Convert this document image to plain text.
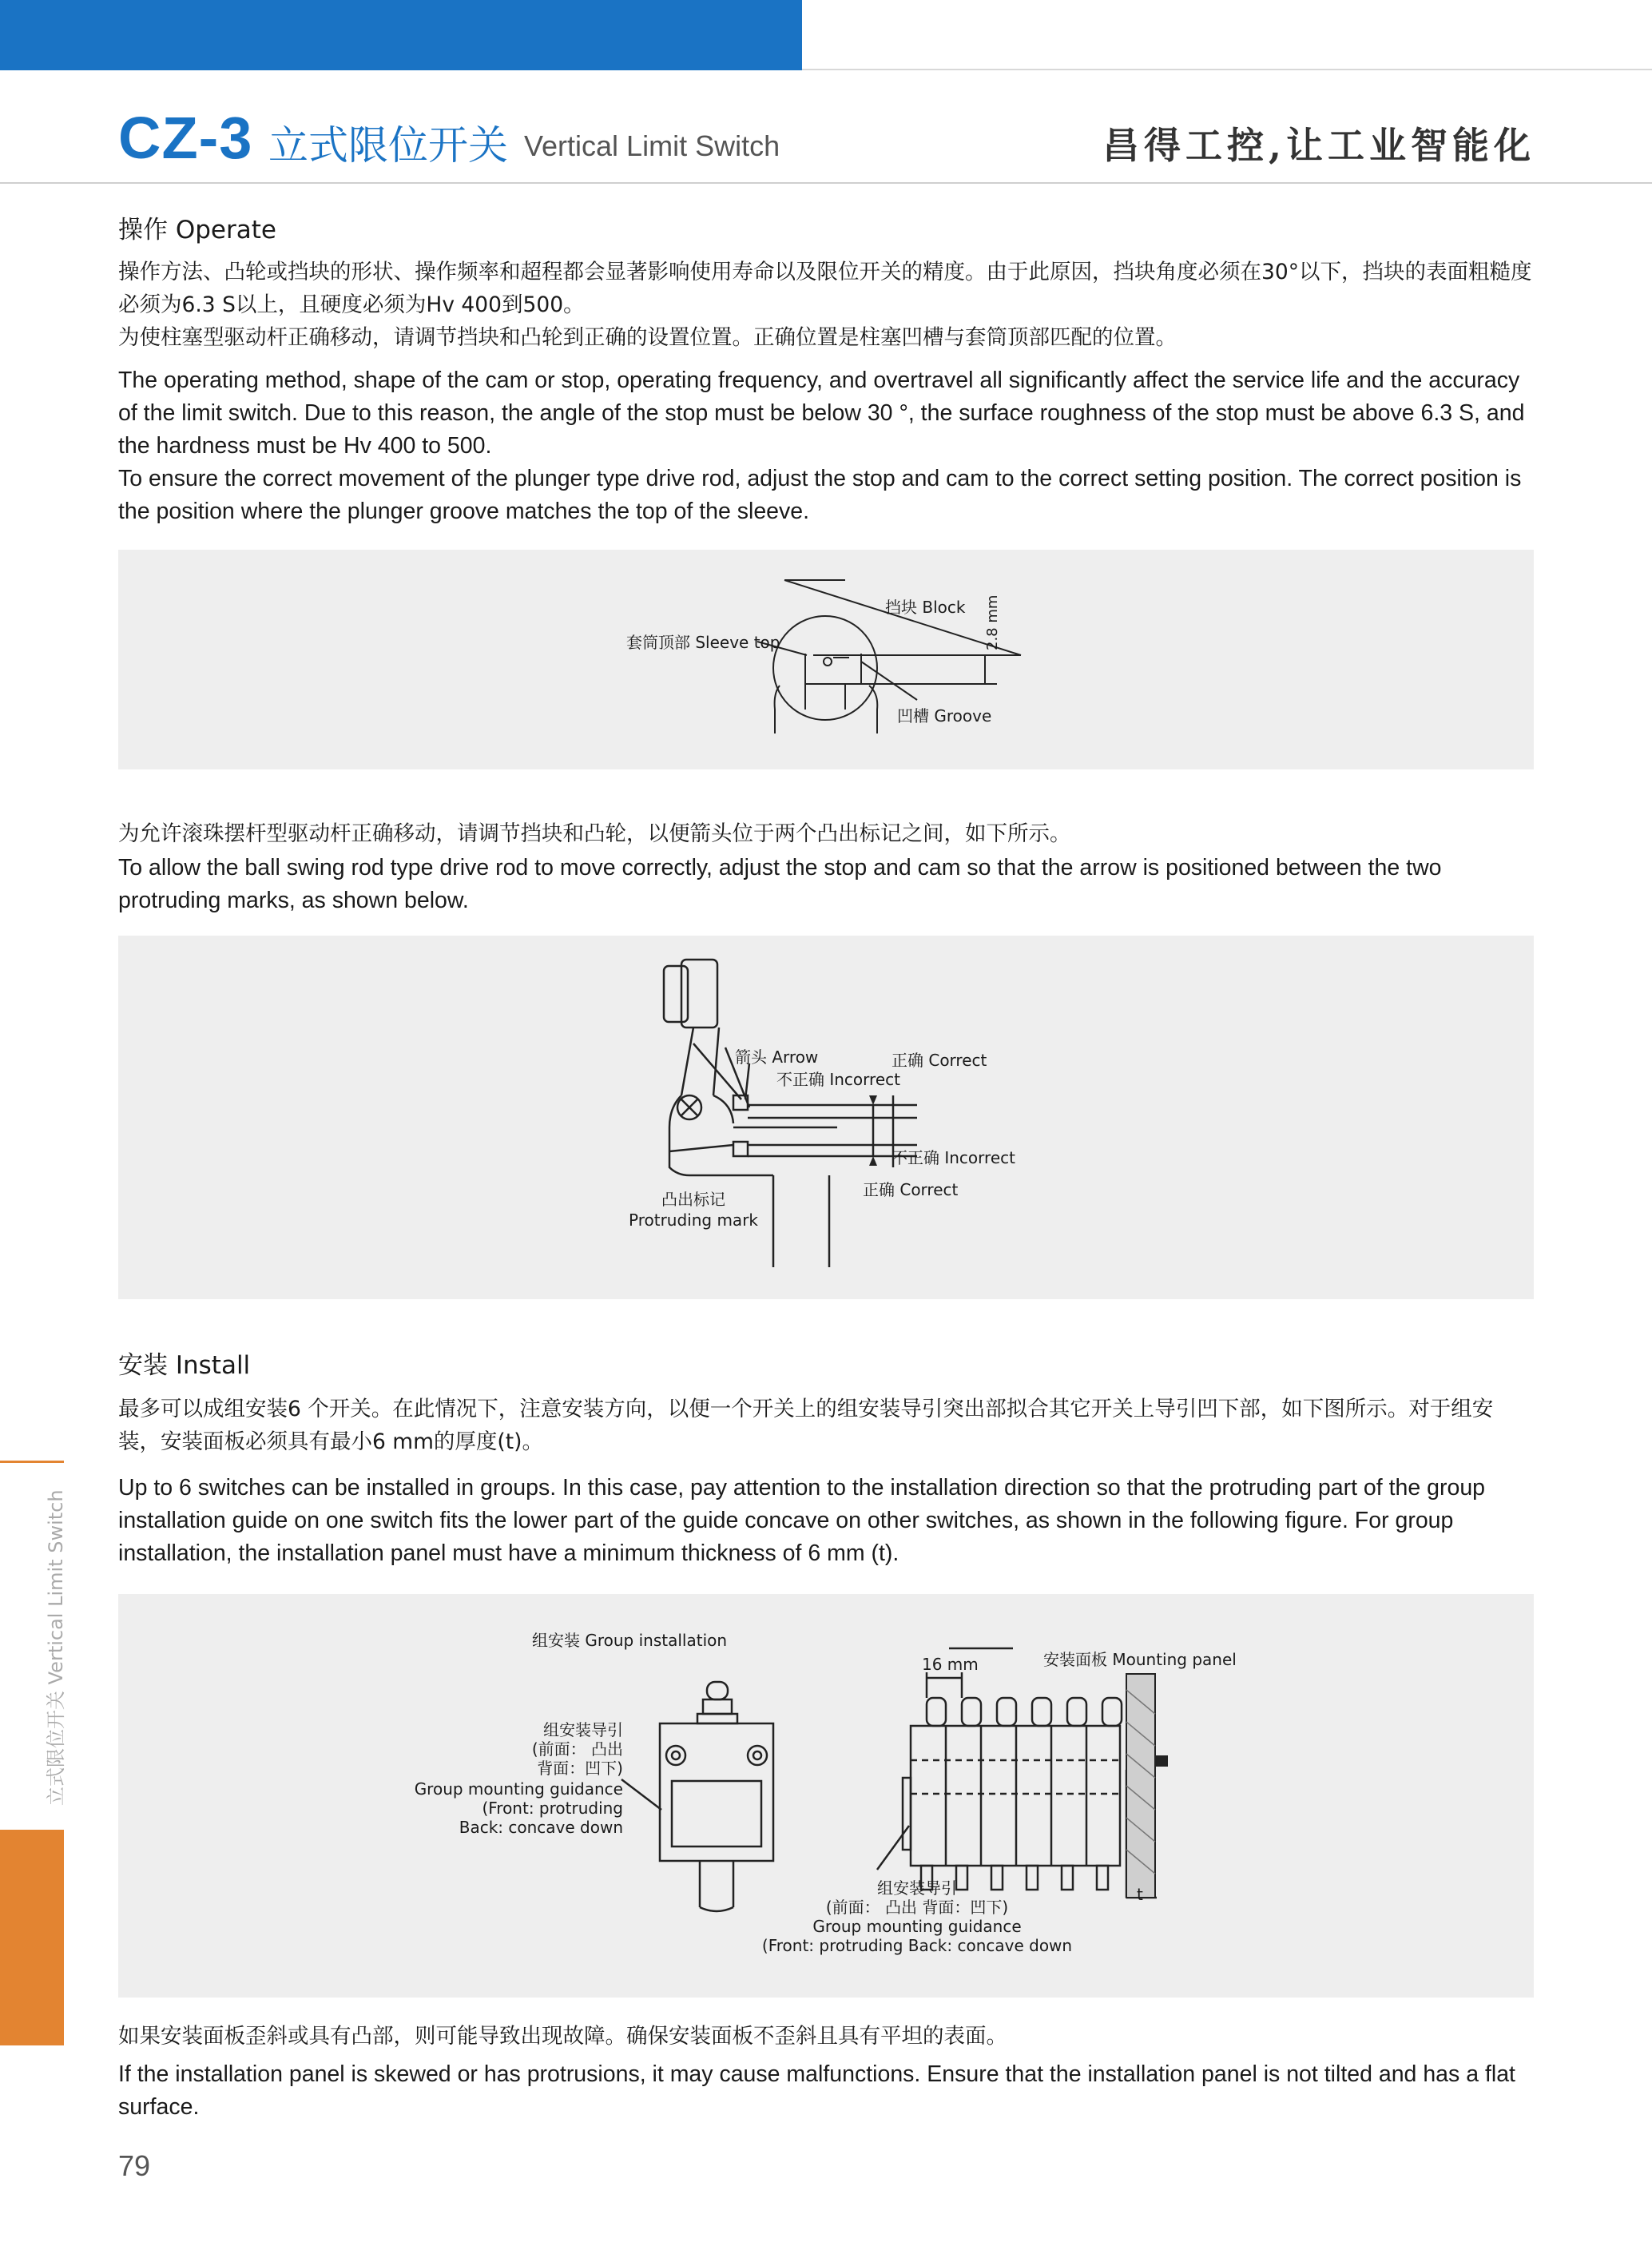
CZ-3 立式限位开关 Vertical Limit Switch	昌得工控,让工业智能化
立式限位开关 Vertical Limit Switch
操作 Operate

操作方法、凸轮或挡块的形状、操作频率和超程都会显著影响使用寿命以及限位开关的精度。由于此原因，挡块角度必须在30°以下，挡块的表面粗糙度必须为6.3 S以上，且硬度必须为Hv 400到500。

为使柱塞型驱动杆正确移动，请调节挡块和凸轮到正确的设置位置。正确位置是柱塞凹槽与套筒顶部匹配的位置。

The operating method, shape of the cam or stop, operating frequency, and overtravel all significantly affect the service life and the accuracy of the limit switch. Due to this reason, the angle of the stop must be below 30 °, the surface roughness of the stop must be above 6.3 S, and the hardness must be Hv 400 to 500.

To ensure the correct movement of the plunger type drive rod, adjust the stop and cam to the correct setting position. The correct position is the position where the plunger groove matches the top of the sleeve.

挡块 Block
套筒顶部 Sleeve top
凹槽 Groove
2.8 mm
为允许滚珠摆杆型驱动杆正确移动，请调节挡块和凸轮，以便箭头位于两个凸出标记之间，如下所示。
To allow the ball swing rod type drive rod to move correctly, adjust the stop and cam so that the arrow is positioned between the two protruding marks, as shown below.
箭头 Arrow	正确 Correct
不正确 Incorrect
不正确 Incorrect
正确 Correct
凸出标记
Protruding mark
安装 Install
最多可以成组安装6 个开关。在此情况下，注意安装方向，以便一个开关上的组安装导引突出部拟合其它开关上导引凹下部，如下图所示。对于组安装，安装面板必须具有最小6 mm的厚度(t)。
Up to 6 switches can be installed in groups. In this case, pay attention to the installation direction so that the protruding part of the group installation guide on one switch fits the lower part of the guide concave on other switches, as shown in the following figure. For group installation, the installation panel must have a minimum thickness of 6 mm (t).
组安装 Group installation
组安装导引
(前面： 凸出
背面：凹下)
Group mounting guidance
(Front: protruding
Back: concave down
16 mm	安装面板 Mounting panel
t
组安装导引
(前面： 凸出 背面：凹下)
Group mounting guidance
(Front: protruding Back: concave down
如果安装面板歪斜或具有凸部，则可能导致出现故障。确保安装面板不歪斜且具有平坦的表面。
If the installation panel is skewed or has protrusions, it may cause malfunctions. Ensure that the installation panel is not tilted and has a flat surface.
79
